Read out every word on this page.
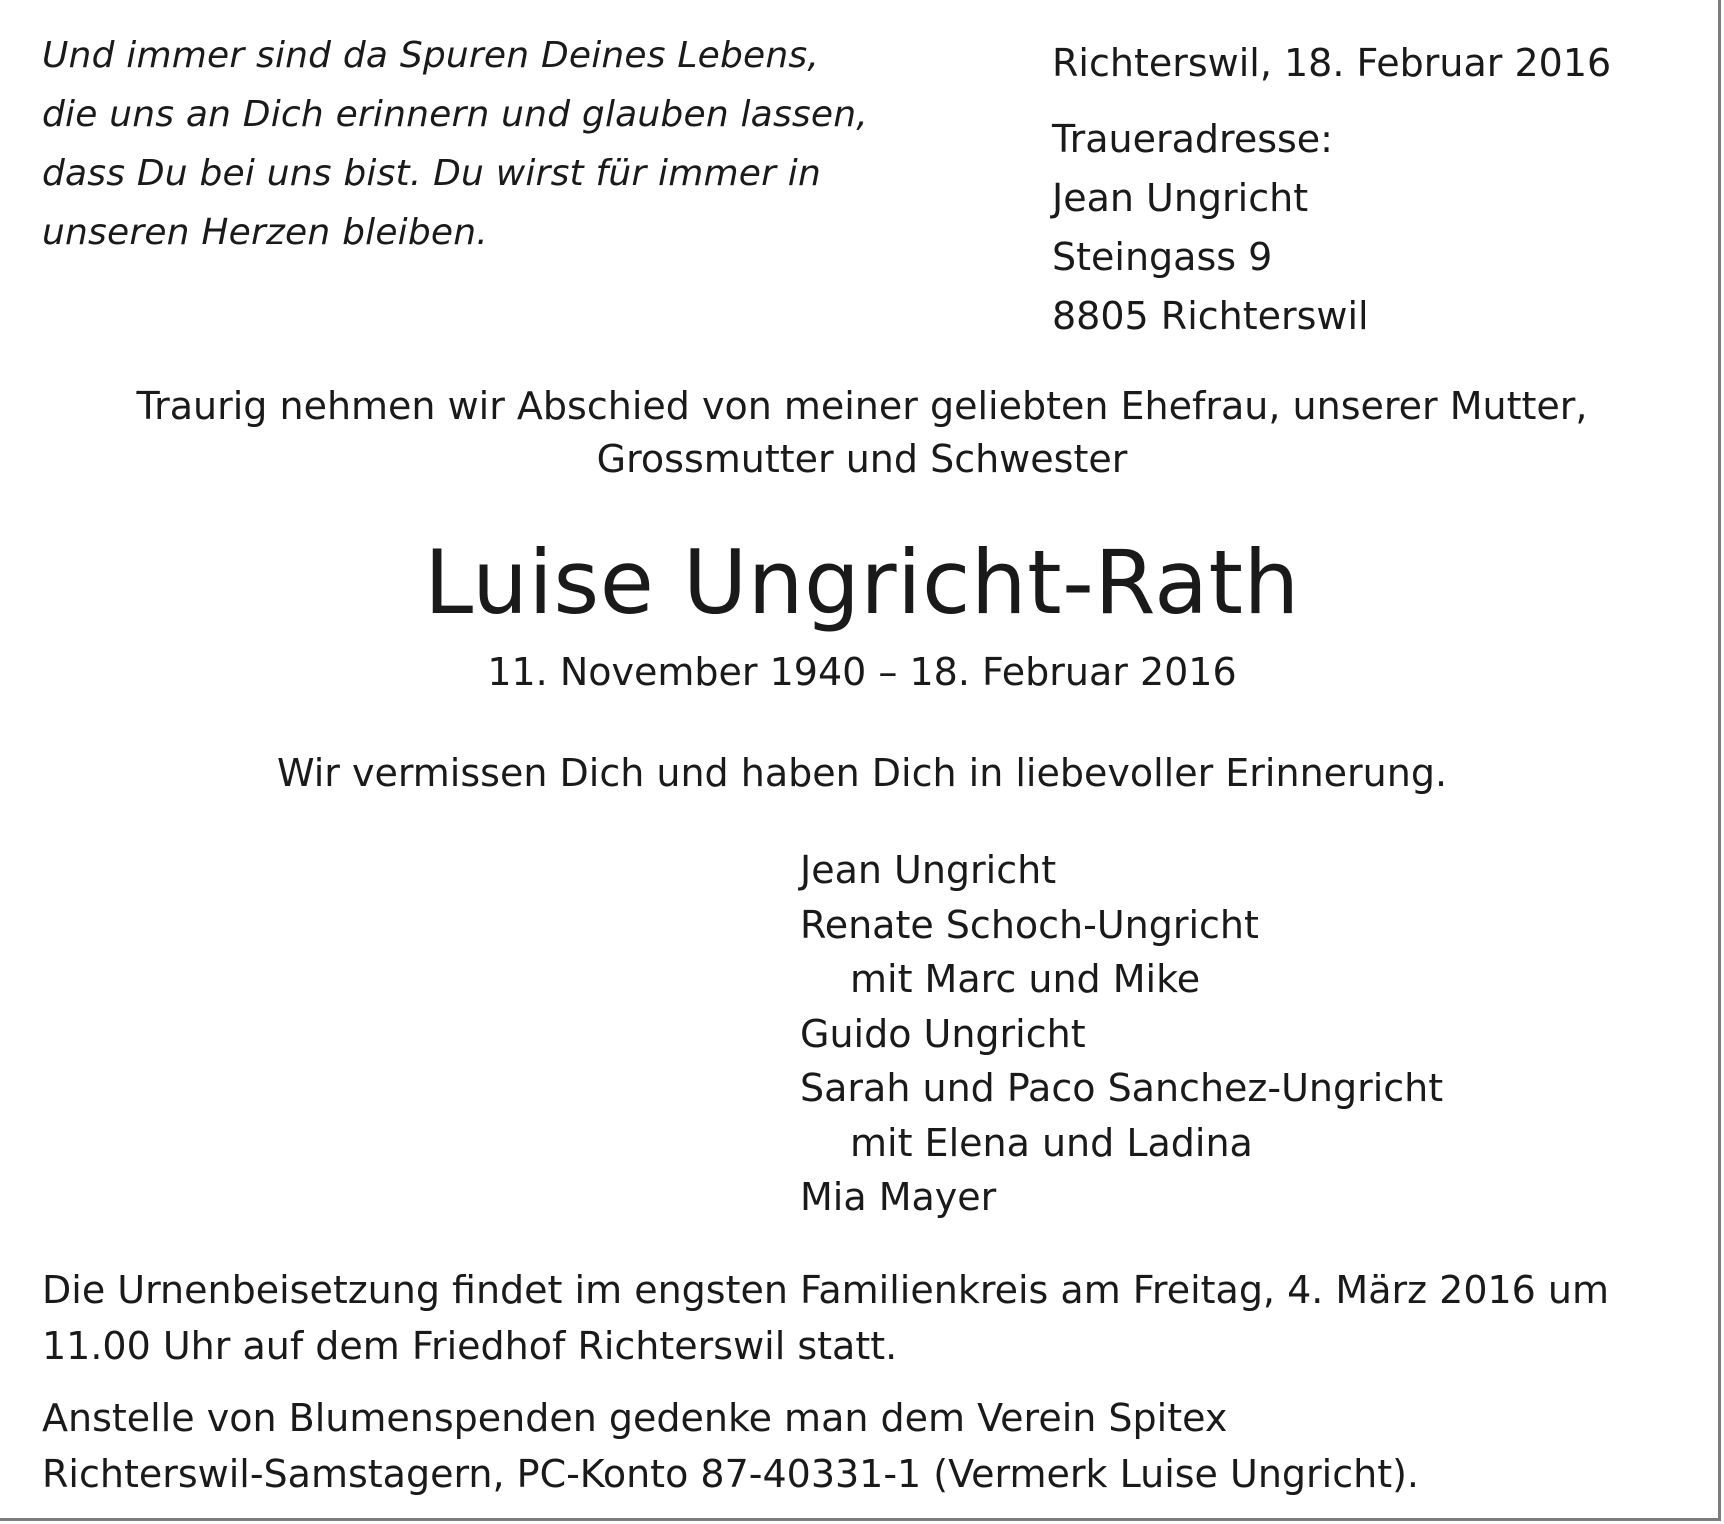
Und immer sind da Spuren Deines Lebens,
die uns an Dich erinnern und glauben lassen,
dass Du bei uns bist. Du wirst für immer in
unseren Herzen bleiben.
Richterswil, 18. Februar 2016
Traueradresse:
Jean Ungricht
Steingass 9
8805 Richterswil
Traurig nehmen wir Abschied von meiner geliebten Ehefrau, unserer Mutter,
Grossmutter und Schwester
Luise Ungricht-Rath
11. November 1940 – 18. Februar 2016
Wir vermissen Dich und haben Dich in liebevoller Erinnerung.
Jean Ungricht
Renate Schoch-Ungricht
mit Marc und Mike
Guido Ungricht
Sarah und Paco Sanchez-Ungricht
mit Elena und Ladina
Mia Mayer
Die Urnenbeisetzung findet im engsten Familienkreis am Freitag, 4. März 2016 um
11.00 Uhr auf dem Friedhof Richterswil statt.
Anstelle von Blumenspenden gedenke man dem Verein Spitex
Richterswil-Samstagern, PC-Konto 87-40331-1 (Vermerk Luise Ungricht).
